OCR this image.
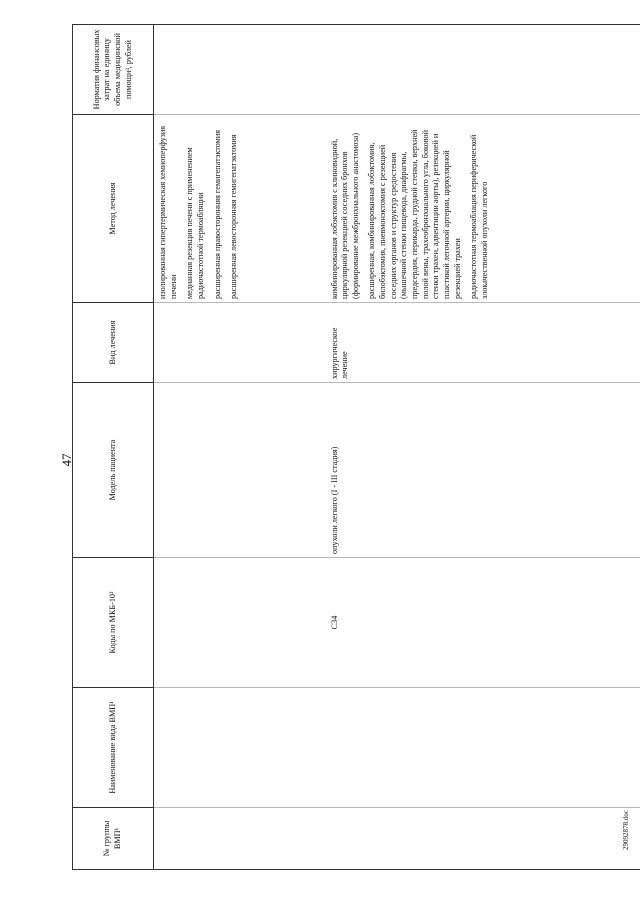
47
29092878.doc
№ группы ВМП¹	Наименование вида ВМП¹	Коды по МКБ-10²	Модель пациента	Вид лечения	Метод лечения	Норматив финансовых затрат на единицу объема медицинской помощи³, рублей

					изолированная гипертермическая хемиоперфузия печени медианная резекция печени с применением радиочастотной термоабляции расширенная правосторонняя гемигепатэктомия расширенная левосторонняя гемигепатэктомия	

		C34	опухоли легкого (I - III стадия)	хирургическое лечение	комбинированная лобэктомия с клиновидной, циркулярной резекцией соседних бронхов (формирование межбронхиального анастомоза) расширенная, комбинированная лобэктомия, билобэктомия, пневмонэктомия с резекцией соседних органов и структур средостения (мышечной стенки пищевода, диафрагмы, предсердия, перикарда, грудной стенки, верхней полой вены, трахеобронхиального угла, боковой стенки трахеи, адвентиции аорты), резекцией и пластикой легочной артерии, циркулярной резекцией трахеи радиочастотная термоаблация периферической злокачественной опухоли легкого	
